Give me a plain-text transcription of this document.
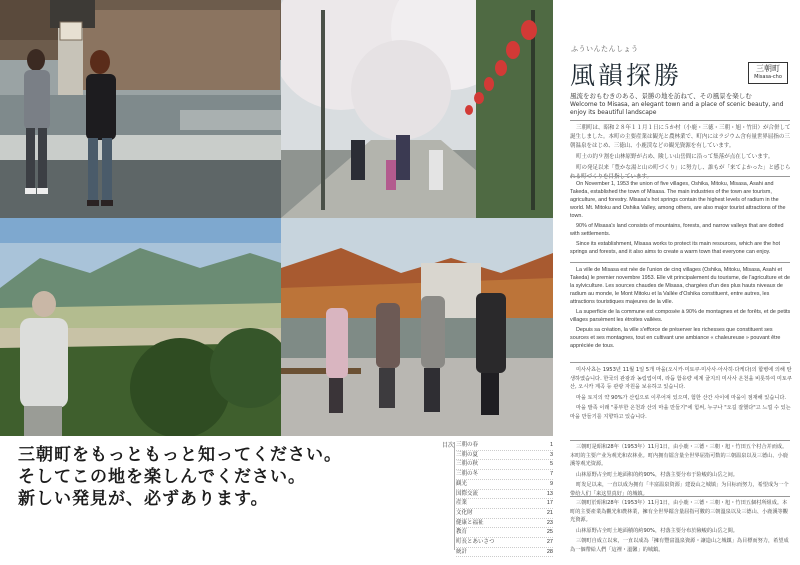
ふういんたんしょう
風韻探勝	三朝町
Misasa-cho
風流をおもむきのある、景勝の地を訪ねて、その風景を楽しむ
Welcome to Misasa, an elegant town and a place of scenic beauty, and enjoy its beautiful landscape

三朝町は、昭和２８年１１月１日に５か村（小鹿・三徳・三朝・旭・竹田）が合併して誕生しました。本町の主要産業は観光と農林業で、町内にはラジウム含有量世界屈指の三朝温泉をはじめ、三徳山、小鹿渓などの観光資源を有しています。

町土の約９割を山林原野が占め、険しい山岳間に沿って集落が点在しています。

町の発足以来「豊かな湯と山の町づくり」に努力し、誰もが「来てよかった」と感じられる町づくりを目指しています。

On November 1, 1953 the union of five villages, Oshika, Mitoku, Misasa, Asahi and Takeda, established the town of Misasa. The main industries of the town are tourism, agriculture, and forestry. Misasa's hot springs contain the highest levels of radium in the world. Mt. Mitoku and Oshika Valley, among others, are also major tourist attractions of the town.

90% of Misasa's land consists of mountains, forests, and narrow valleys that are dotted with settlements.

Since its establishment, Misasa works to protect its main resources, which are the hot springs and forests, and it also aims to create a warm town that everyone can enjoy.

La ville de Misasa est née de l'union de cinq villages (Oshika, Mitoku, Misasa, Asahi et Takeda) le premier novembre 1953. Elle vit principalement du tourisme, de l'agriculture et de la sylviculture. Les sources chaudes de Misasa, chargées d'un des plus hauts niveaux de radium au monde, le Mont Mitoku et la Vallée d'Oshika constituent, entre autres, les attractions touristiques majeures de la ville.

La superficie de la commune est composée à 90% de montagnes et de forêts, et de petits villages parsèment les étroites vallées.

Depuis sa création, la ville s'efforce de préserver les richesses que constituent ses sources et ses montagnes, tout en cultivant une ambiance « chaleureuse » pouvant être appréciée de tous.

미사사쵸는 1953년 11월 1일 5개 마을(오시카·미토쿠·미사사·아사히·다케다)의 합병에 의해 탄생하였습니다. 한국의 관광과 농림업이며, 라듐 함유량 세계 굴지의 미사사 온천을 비롯하여 미토쿠산, 오시카 계곡 등 관광 자원을 보유하고 있습니다.

마을 토지의 약 90%가 산림으로 이루어져 있으며, 험한 산간 사이에 마을이 점재해 있습니다.

마을 발족 이래 "풍부한 온천과 산의 마을 만들기"에 힘써, 누구나 "오길 잘했다"고 느낄 수 있는 마을 만들기를 지향하고 있습니다.

三朝町是昭和28年（1953年）11月1日，由小鹿・三德・三朝・旭・竹田五个村合并而成。本町的主要产业为观光和农林业。町内拥有镭含量全世界屈指可数的三朝温泉以及三德山、小鹿溪等观光资源。

山林原野占全町土地面积的约90%，村落主要分布于险峻的山岳之间。

町发足以来，一直以成为拥有「丰富温泉资源」建设山之城镇」为目标而努力，希望成为一个带给人们「来这里真好」的城镇。

三朝町於昭和28年（1953年）11月1日，由小鹿・三德・三朝・旭・竹田五個村所組成。本町的主要產業為觀光和農林業，擁有全世界鐳含量屈指可數的三朝溫泉以及三德山、小鹿溪等觀光資源。

山林原野占全町土地面積的約90%，村落主要分布於險峻的山岳之間。

三朝町自成立以來，一直以成為「擁有豐富溫泉資源・讓造山之城鎮」為目標而努力，希望成為一個帶給人們「這裡・溫馨」的城鎮。

三朝町をもっともっと知ってください。
そしてこの地を楽しんでください。
新しい発見が、必ずあります。
目次 三朝の春	1
三朝の夏	3
三朝の秋	5
三朝の冬	7
観光	9
国際交流	13
産業	17
文化財	21
健康と福祉	23
教育	25
町長とあいさつ	27
統計	28
